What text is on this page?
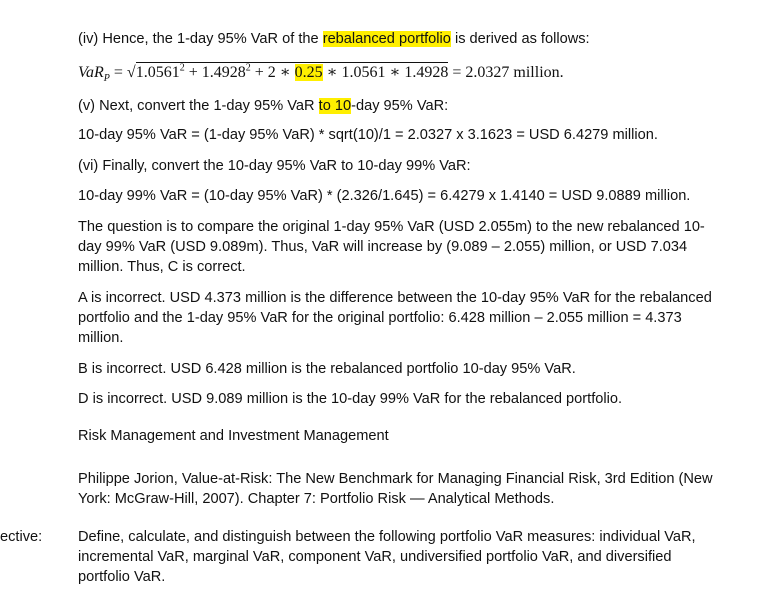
(iv) Hence, the 1-day 95% VaR of the rebalanced portfolio is derived as follows:
$VaR_P = √1.0561^2 + 1.4928^2 + 2$ ∗ 0.25 ∗ 1.0561 ∗ 1.4928 = 2.0327 million.
(v) Next, convert the 1-day 95% VaR to 10-day 95% VaR:
10-day 95% VaR = (1-day 95% VaR) * sqrt(10)/1 = 2.0327 x 3.1623 = USD 6.4279 million.
(vi) Finally, convert the 10-day 95% VaR to 10-day 99% VaR:
10-day 99% VaR = (10-day 95% VaR) * (2.326/1.645) = 6.4279 x 1.4140 = USD 9.0889 million.
The question is to compare the original 1-day 95% VaR (USD 2.055m) to the new rebalanced 10-day 99% VaR (USD 9.089m). Thus, VaR will increase by (9.089 – 2.055) million, or USD 7.034 million. Thus, C is correct.
A is incorrect. USD 4.373 million is the difference between the 10-day 95% VaR for the rebalanced portfolio and the 1-day 95% VaR for the original portfolio: 6.428 million – 2.055 million = 4.373 million.
B is incorrect. USD 6.428 million is the rebalanced portfolio 10-day 95% VaR.
D is incorrect. USD 9.089 million is the 10-day 99% VaR for the rebalanced portfolio.
Risk Management and Investment Management
Philippe Jorion, Value-at-Risk: The New Benchmark for Managing Financial Risk, 3rd Edition (New York: McGraw-Hill, 2007). Chapter 7: Portfolio Risk — Analytical Methods.
ective: Define, calculate, and distinguish between the following portfolio VaR measures: individual VaR, incremental VaR, marginal VaR, component VaR, undiversified portfolio VaR, and diversified portfolio VaR.
